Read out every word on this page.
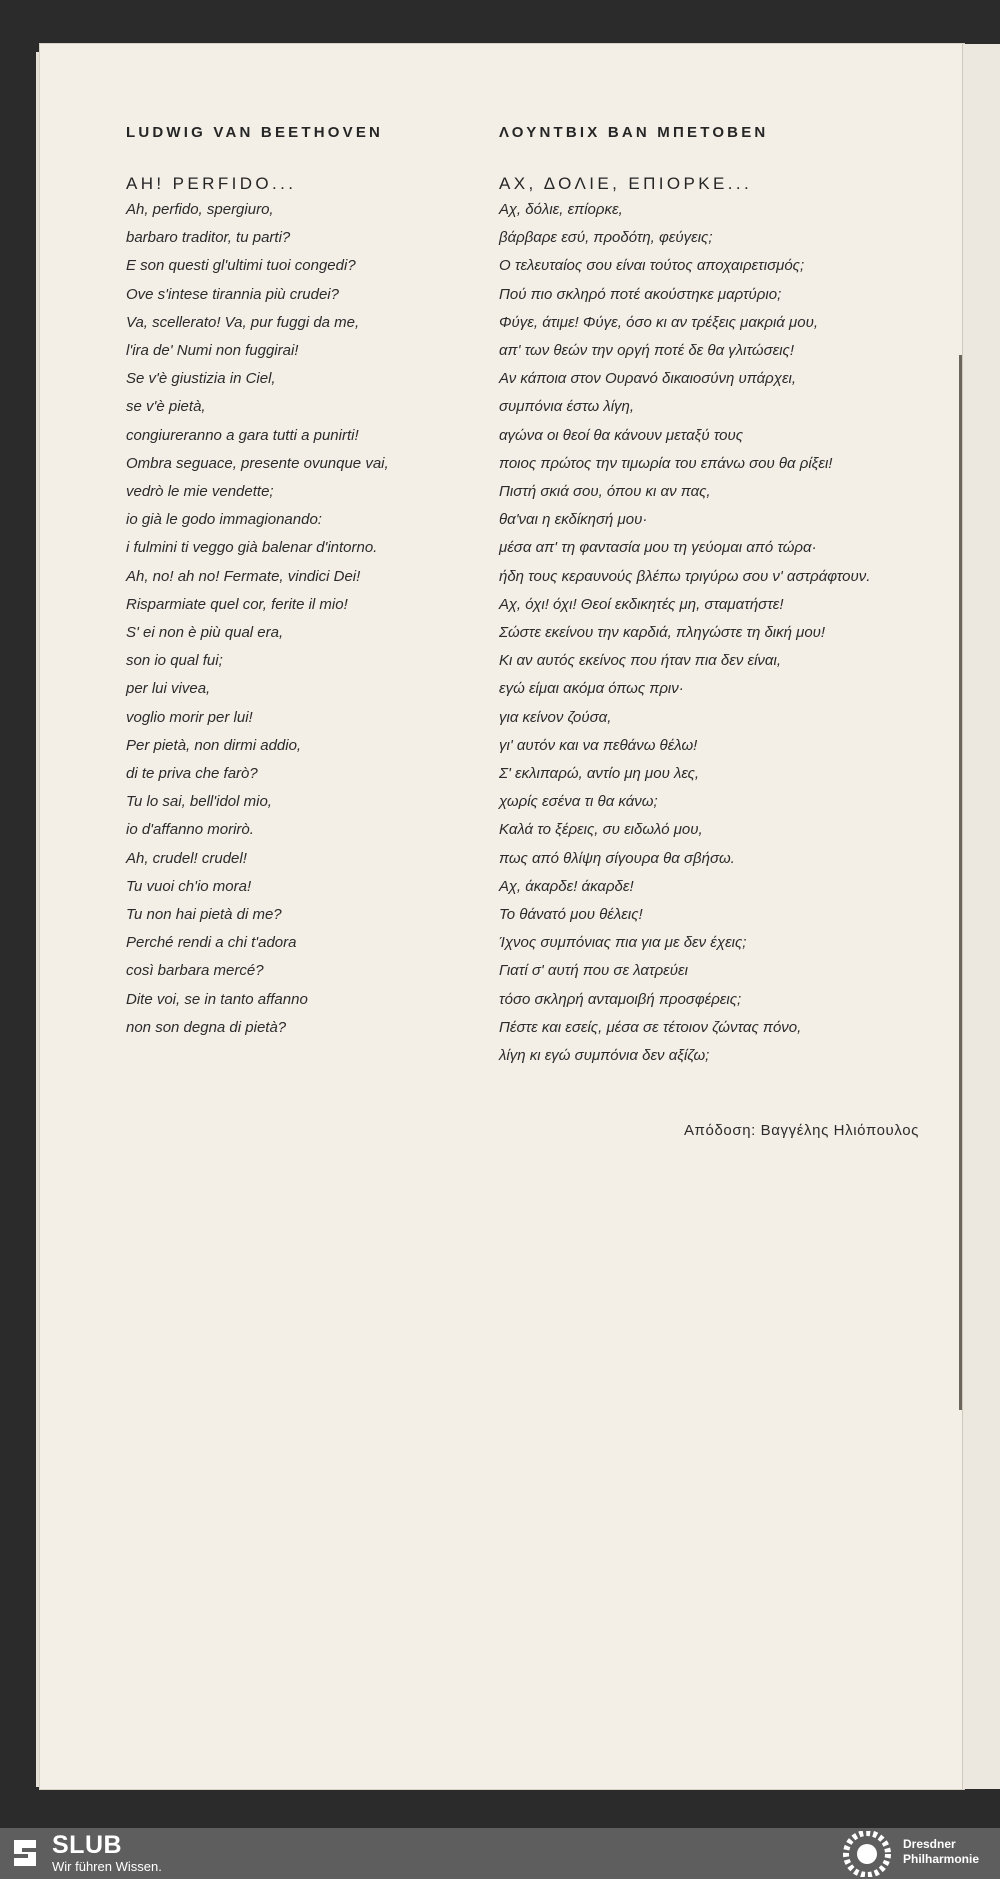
LUDWIG VAN BEETHOVEN
AH! PERFIDO...
Ah, perfido, spergiuro,
barbaro traditor, tu parti?
E son questi gl'ultimi tuoi congedi?
Ove s'intese tirannia più crudei?
Va, scellerato! Va, pur fuggi da me,
l'ira de' Numi non fuggirai!
Se v'è giustizia in Ciel,
se v'è pietà,
congiureranno a gara tutti a punirti!
Ombra seguace, presente ovunque vai,
vedrò le mie vendette;
io già le godo immagionando:
i fulmini ti veggo già balenar d'intorno.
Ah, no! ah no! Fermate, vindici Dei!
Risparmiate quel cor, ferite il mio!
S' ei non è più qual era,
son io qual fui;
per lui vivea,
voglio morir per lui!
Per pietà, non dirmi addio,
di te priva che farò?
Tu lo sai, bell'idol mio,
io d'affanno morirò.
Ah, crudel! crudel!
Tu vuoi ch'io mora!
Tu non hai pietà di me?
Perché rendi a chi t'adora
così barbara mercé?
Dite voi, se in tanto affanno
non son degna di pietà?
ΛΟΥΝΤΒΙΧ ΒΑΝ ΜΠΕΤΟΒΕΝ
ΑΧ, ΔΟΛΙΕ, ΕΠΙΟΡΚΕ...
Αχ, δόλιε, επίορκε,
βάρβαρε εσύ, προδότη, φεύγεις;
Ο τελευταίος σου είναι τούτος αποχαιρετισμός;
Πού πιο σκληρό ποτέ ακούστηκε μαρτύριο;
Φύγε, άτιμε! Φύγε, όσο κι αν τρέξεις μακριά μου,
απ' των θεών την οργή ποτέ δε θα γλιτώσεις!
Αν κάποια στον Ουρανό δικαιοσύνη υπάρχει,
συμπόνια έστω λίγη,
αγώνα οι θεοί θα κάνουν μεταξύ τους
ποιος πρώτος την τιμωρία του επάνω σου θα ρίξει!
Πιστή σκιά σου, όπου κι αν πας,
θα'ναι η εκδίκησή μου·
μέσα απ' τη φαντασία μου τη γεύομαι από τώρα·
ήδη τους κεραυνούς βλέπω τριγύρω σου ν' αστράφτουν.
Αχ, όχι! όχι! Θεοί εκδικητές μη, σταματήστε!
Σώστε εκείνου την καρδιά, πληγώστε τη δική μου!
Κι αν αυτός εκείνος που ήταν πια δεν είναι,
εγώ είμαι ακόμα όπως πριν·
για κείνον ζούσα,
γι' αυτόν και να πεθάνω θέλω!
Σ' εκλιπαρώ, αντίο μη μου λες,
χωρίς εσένα τι θα κάνω;
Καλά το ξέρεις, συ ειδωλό μου,
πως από θλίψη σίγουρα θα σβήσω.
Αχ, άκαρδε! άκαρδε!
Το θάνατό μου θέλεις!
Ίχνος συμπόνιας πια για με δεν έχεις;
Γιατί σ' αυτή που σε λατρεύει
τόσο σκληρή ανταμοιβή προσφέρεις;
Πέστε και εσείς, μέσα σε τέτοιον ζώντας πόνο,
λίγη κι εγώ συμπόνια δεν αξίζω;
Απόδοση: Βαγγέλης Ηλιόπουλος
SLUB
Wir führen Wissen.
Dresdner
Philharmonie
